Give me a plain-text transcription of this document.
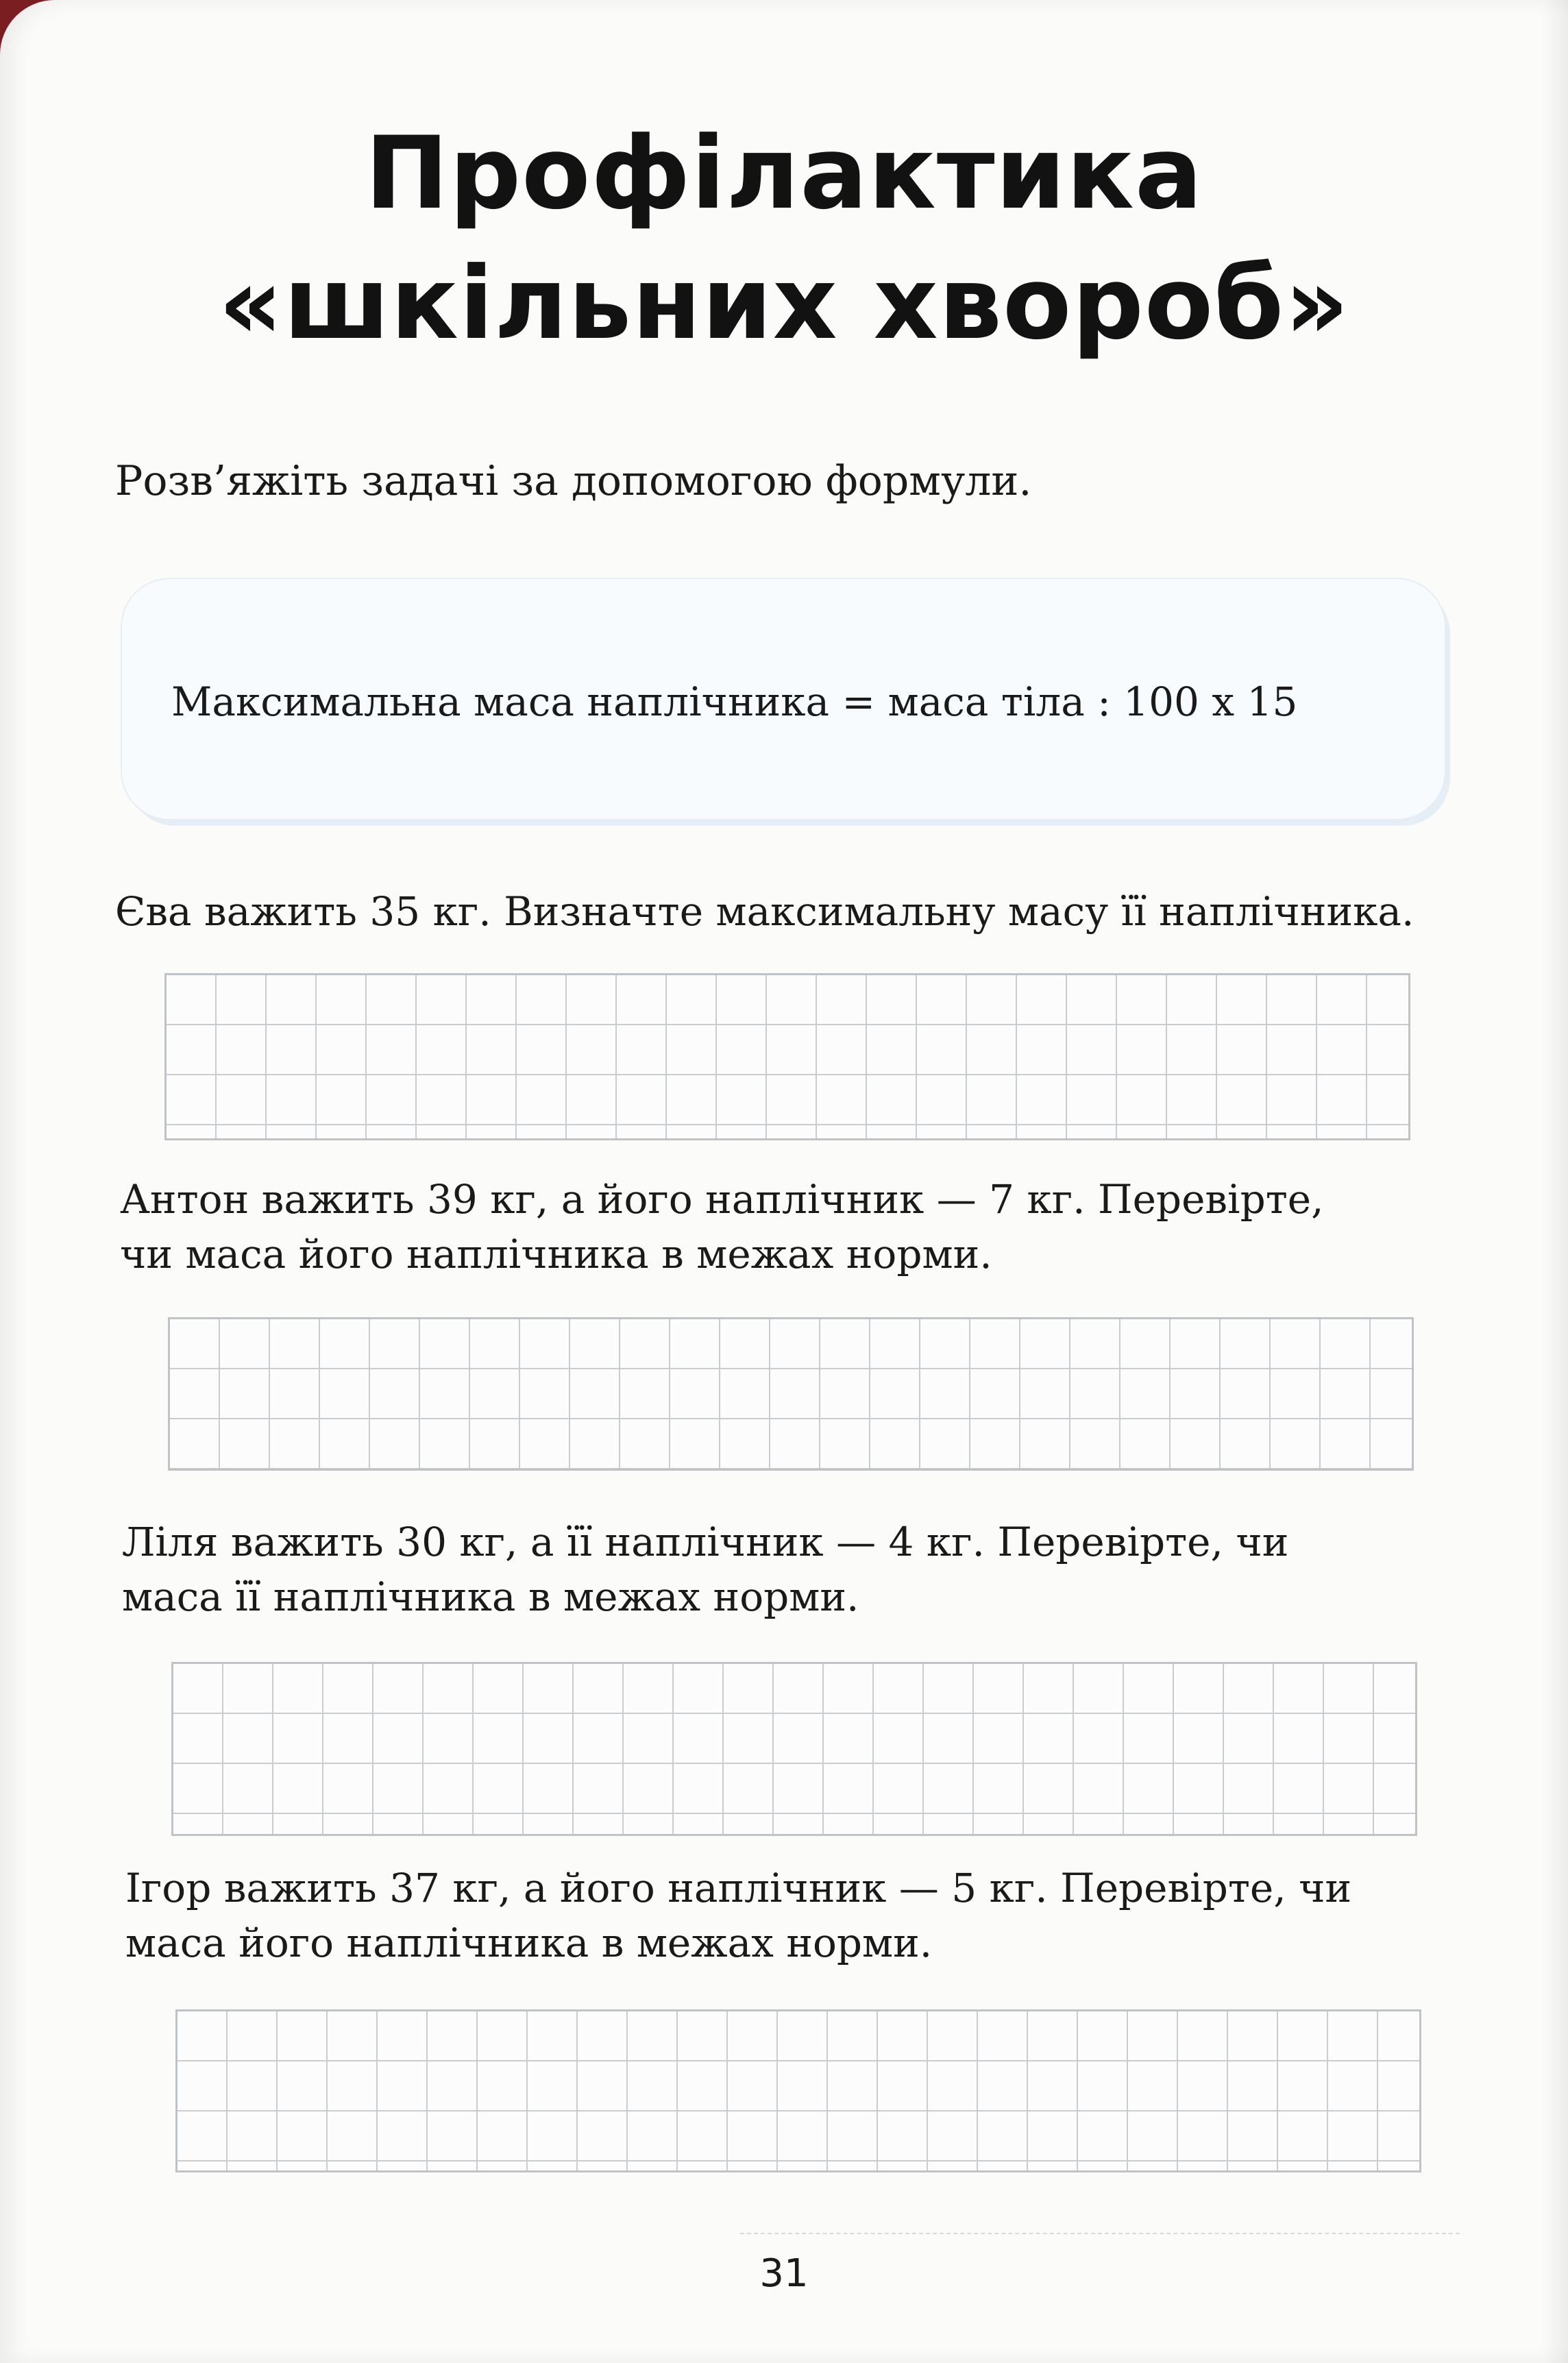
Профілактика
«шкільних хвороб»
Розв’яжіть задачі за допомогою формули.
Максимальна маса наплічника = маса тіла : 100 х 15
Єва важить 35 кг. Визначте максимальну масу її наплічника.
Антон важить 39 кг, а його наплічник — 7 кг. Перевірте,
чи маса його наплічника в межах норми.
Ліля важить 30 кг, а її наплічник — 4 кг. Перевірте, чи
маса її наплічника в межах норми.
Ігор важить 37 кг, а його наплічник — 5 кг. Перевірте, чи
маса його наплічника в межах норми.
31
